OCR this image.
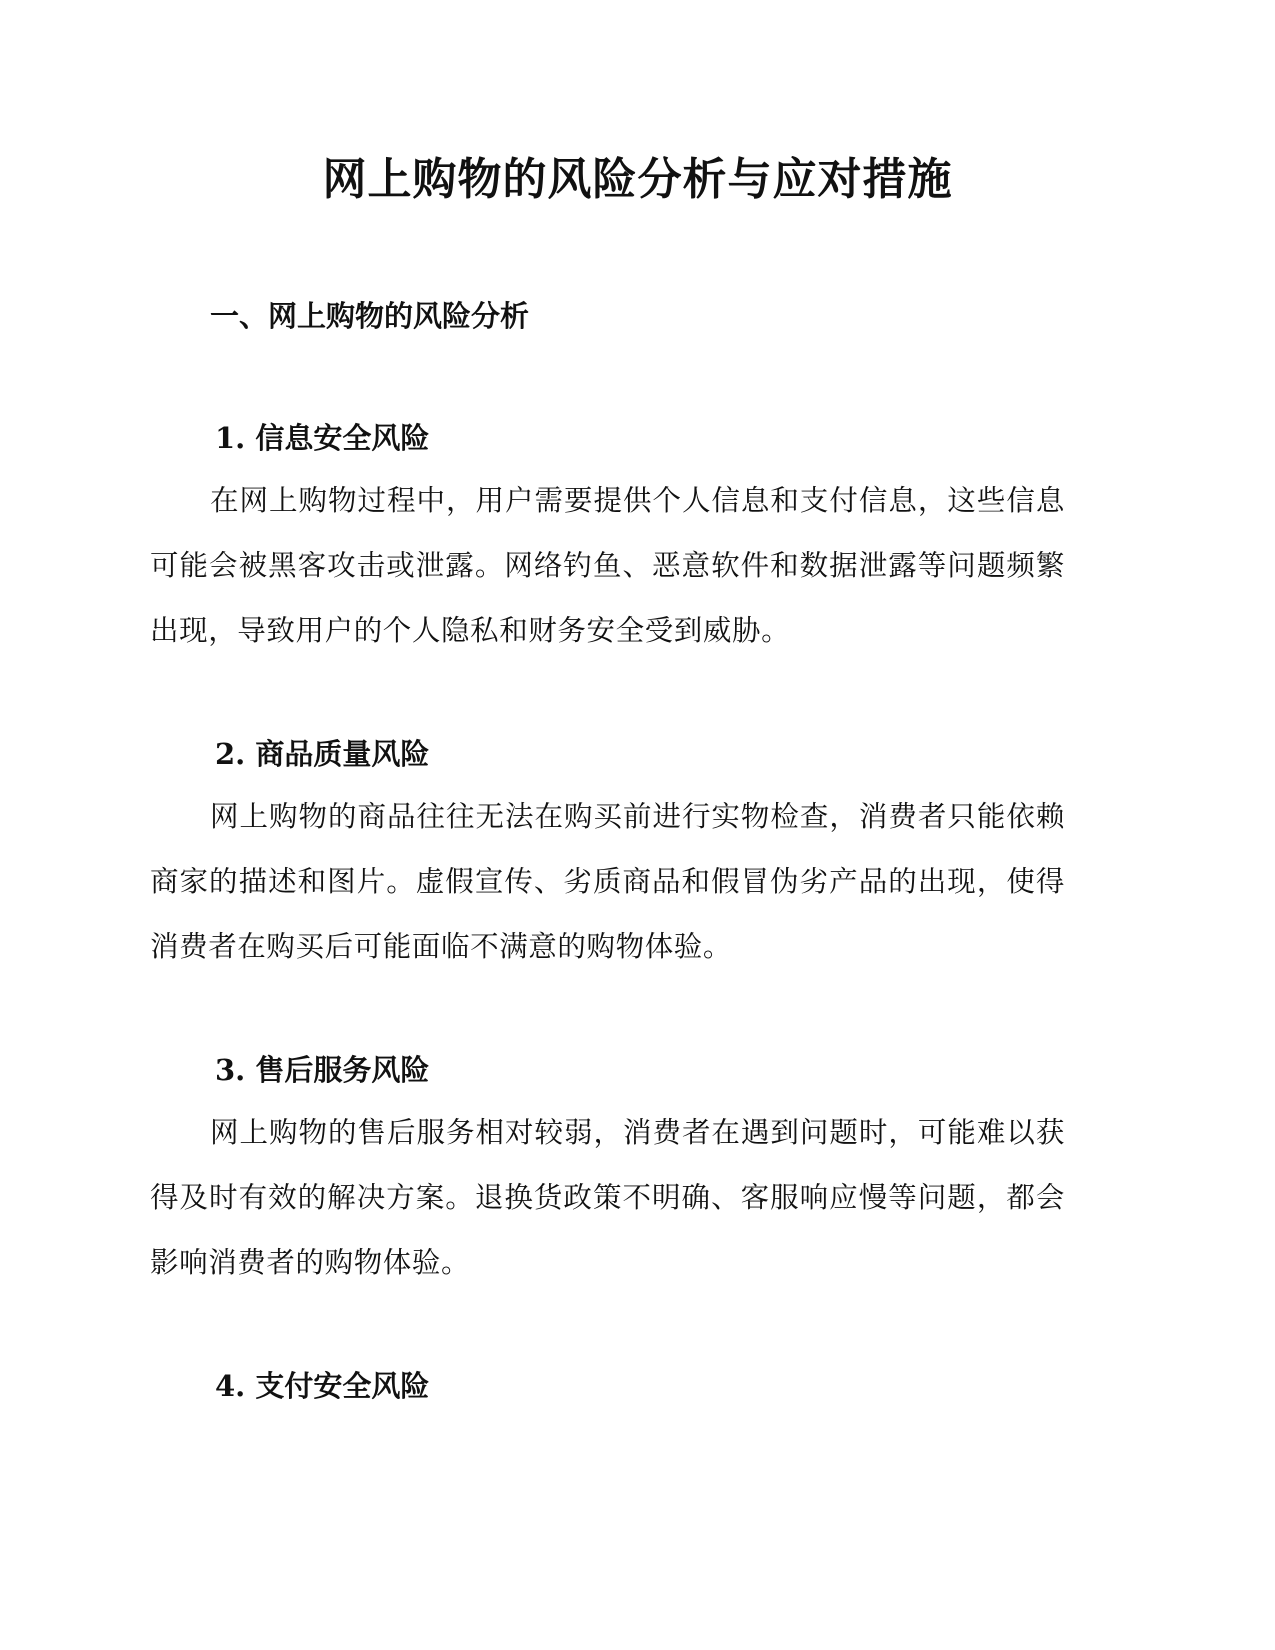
网上购物的风险分析与应对措施
一、网上购物的风险分析
1. 信息安全风险

在网上购物过程中，用户需要提供个人信息和支付信息，这些信息可能会被黑客攻击或泄露。网络钓鱼、恶意软件和数据泄露等问题频繁出现，导致用户的个人隐私和财务安全受到威胁。

2. 商品质量风险

网上购物的商品往往无法在购买前进行实物检查，消费者只能依赖商家的描述和图片。虚假宣传、劣质商品和假冒伪劣产品的出现，使得消费者在购买后可能面临不满意的购物体验。

3. 售后服务风险

网上购物的售后服务相对较弱，消费者在遇到问题时，可能难以获得及时有效的解决方案。退换货政策不明确、客服响应慢等问题，都会影响消费者的购物体验。

4. 支付安全风险
